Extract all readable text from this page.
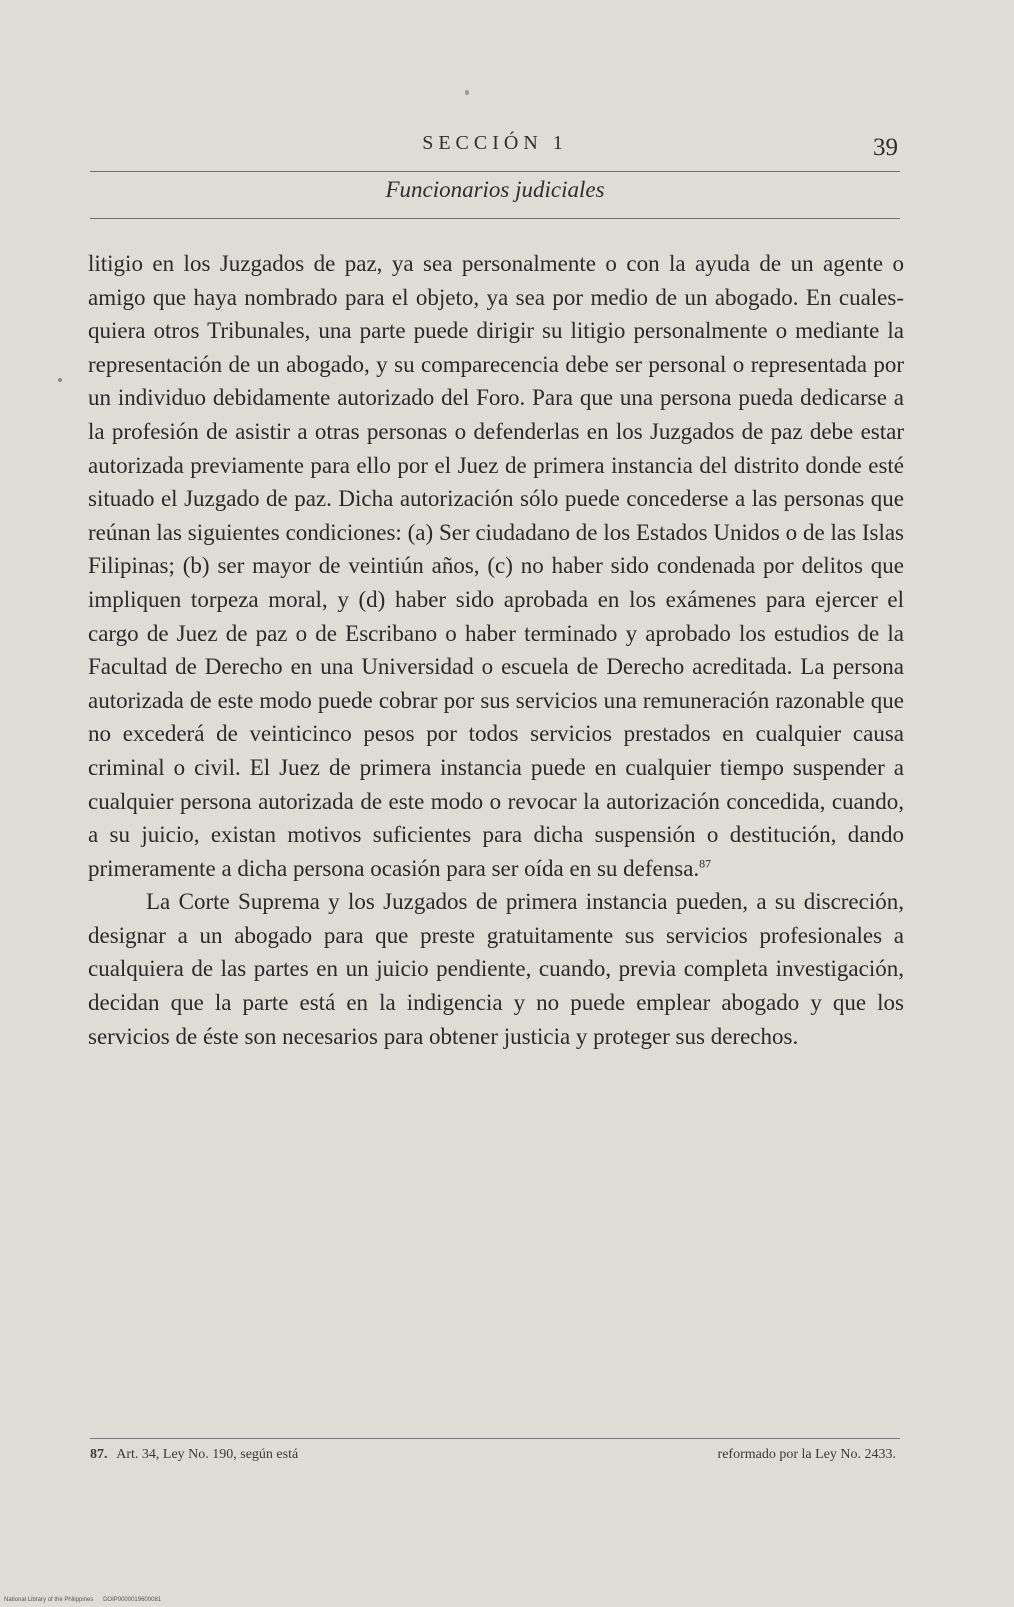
SECCIÓN 1	39
Funcionarios judiciales

litigio en los Juzgados de paz, ya sea personalmente o con la ayuda de un agente o amigo que haya nombrado para el objeto, ya sea por medio de un abogado. En cualesquiera otros Tribunales, una parte puede dirigir su litigio personalmente o mediante la representación de un abogado, y su comparecencia debe ser personal o representada por un individuo debidamente autorizado del Foro. Para que una persona pueda dedicarse a la profesión de asistir a otras personas o defenderlas en los Juzgados de paz debe estar autorizada previamente para ello por el Juez de primera instancia del distrito donde esté situado el Juzgado de paz. Dicha autorización sólo puede concederse a las personas que reúnan las siguientes condiciones: (a) Ser ciudadano de los Estados Unidos o de las Islas Filipinas; (b) ser mayor de veintiún años, (c) no haber sido condenada por delitos que impliquen torpeza moral, y (d) haber sido aprobada en los exámenes para ejercer el cargo de Juez de paz o de Escribano o haber terminado y aprobado los estudios de la Facultad de Derecho en una Universidad o escuela de Derecho acreditada. La persona autorizada de este modo puede cobrar por sus servicios una remuneración razonable que no excederá de veinticinco pesos por todos servicios prestados en cualquier causa criminal o civil. El Juez de primera instancia puede en cualquier tiempo suspender a cualquier persona autorizada de este modo o revocar la autorización concedida, cuando, a su juicio, existan motivos suficientes para dicha suspensión o destitución, dando primeramente a dicha persona ocasión para ser oída en su defensa.$^{87}$

La Corte Suprema y los Juzgados de primera instancia pueden, a su discreción, designar a un abogado para que preste gratuitamente sus servicios profesionales a cualquiera de las partes en un juicio pendiente, cuando, previa completa investigación, decidan que la parte está en la indigencia y no puede emplear abogado y que los servicios de éste son necesarios para obtener justicia y proteger sus derechos.

87. Art. 34, Ley No. 190, según está	reformado por la Ley No. 2433.
National Library of the Philippines DOIP0000019600081
